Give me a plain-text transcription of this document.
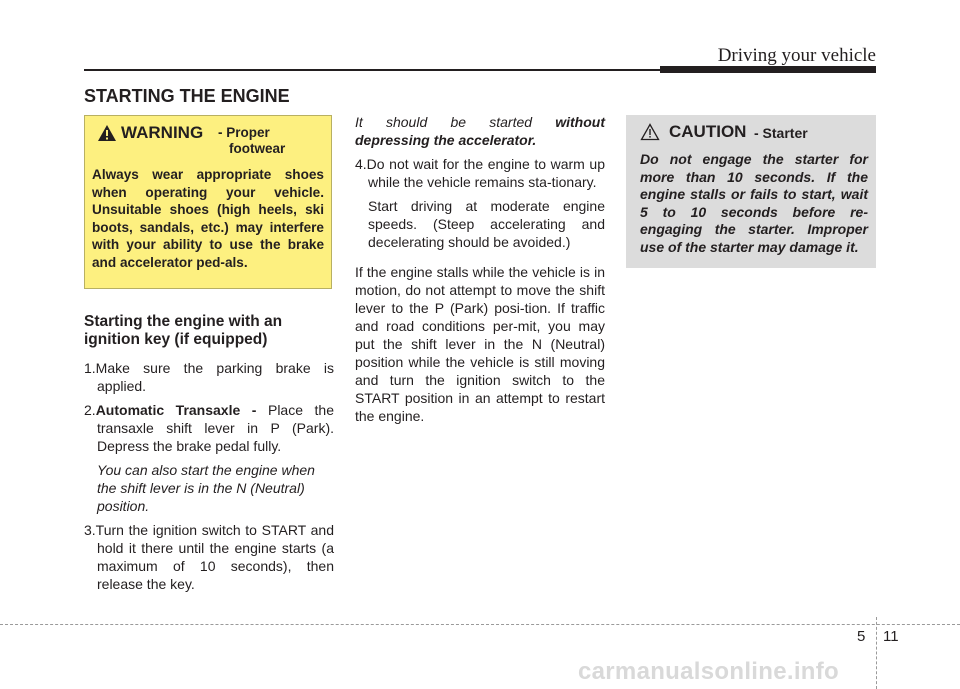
Driving your vehicle
STARTING THE ENGINE
WARNING - Proper
footwear
Always wear appropriate shoes when operating your vehicle. Unsuitable shoes (high heels, ski boots, sandals, etc.) may interfere with your ability to use the brake and accelerator ped-als.
Starting the engine with an ignition key (if equipped)
1.Make sure the parking brake is applied.
2.Automatic Transaxle - Place the transaxle shift lever in P (Park). Depress the brake pedal fully.
You can also start the engine when the shift lever is in the N (Neutral) position.
3.Turn the ignition switch to START and hold it there until the engine starts (a maximum of 10 seconds), then release the key.
It should be started without depressing the accelerator.
4.Do not wait for the engine to warm up while the vehicle remains sta-tionary.
Start driving at moderate engine speeds. (Steep accelerating and decelerating should be avoided.)
If the engine stalls while the vehicle is in motion, do not attempt to move the shift lever to the P (Park) posi-tion. If traffic and road conditions per-mit, you may put the shift lever in the N (Neutral) position while the vehicle is still moving and turn the ignition switch to the START position in an attempt to restart the engine.
CAUTION - Starter
Do not engage the starter for more than 10 seconds. If the engine stalls or fails to start, wait 5 to 10 seconds before re-engaging the starter. Improper use of the starter may damage it.
5 11
carmanualsonline.info
